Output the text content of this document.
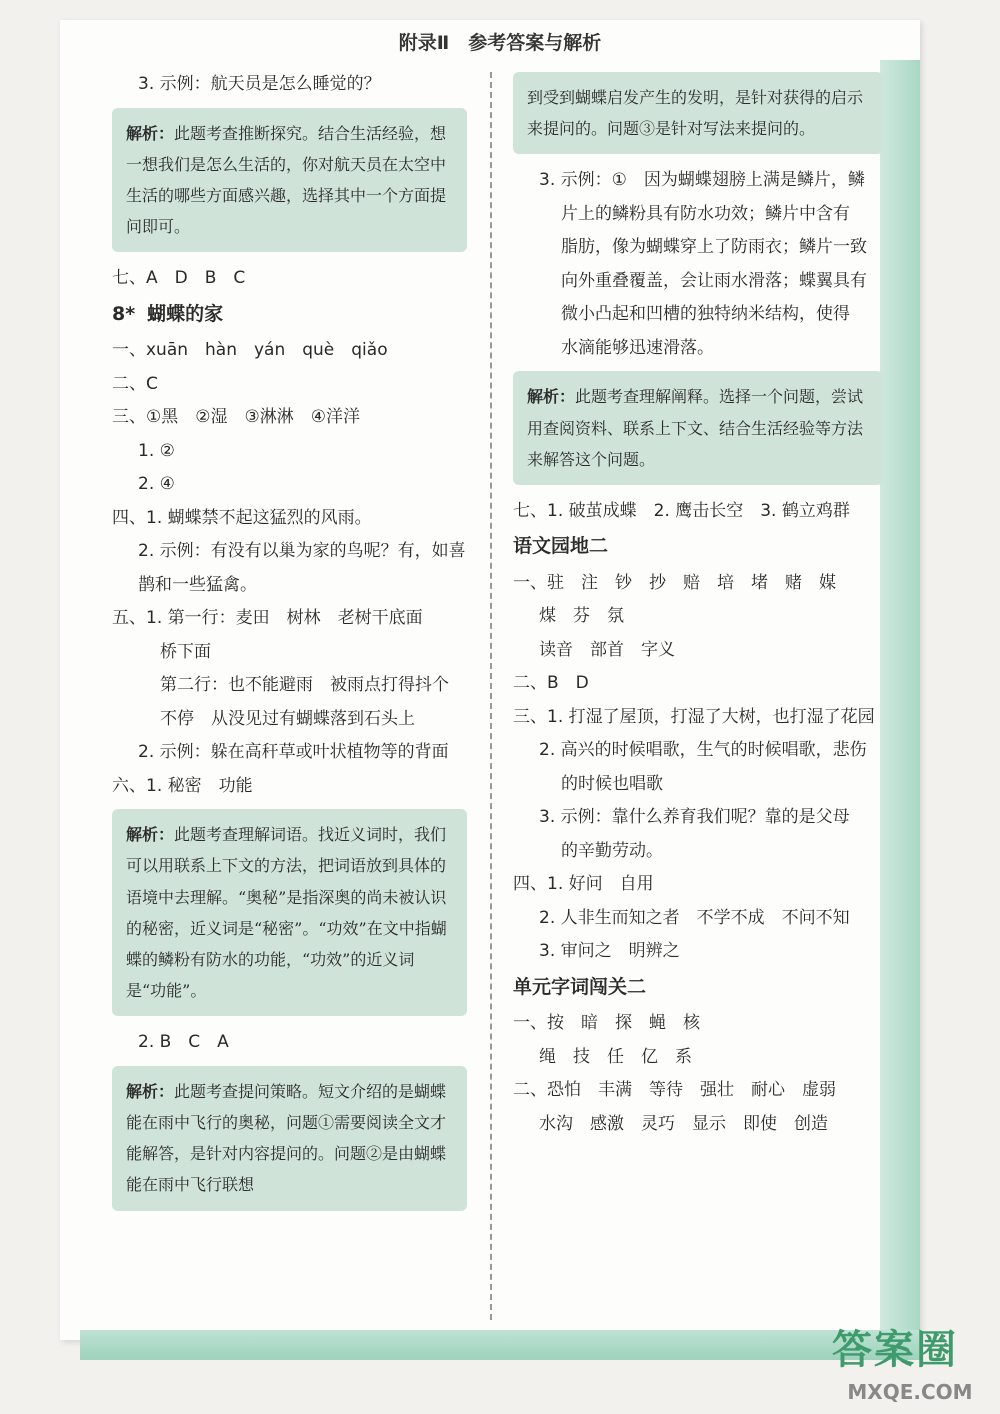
附录Ⅱ　参考答案与解析
3. 示例：航天员是怎么睡觉的？
解析：此题考查推断探究。结合生活经验，想一想我们是怎么生活的，你对航天员在太空中生活的哪些方面感兴趣，选择其中一个方面提问即可。
七、A　D　B　C
8* 蝴蝶的家
一、xuān　hàn　yán　què　qiǎo
二、C
三、①黑　②湿　③淋淋　④洋洋
1. ②
2. ④
四、1. 蝴蝶禁不起这猛烈的风雨。
2. 示例：有没有以巢为家的鸟呢？有，如喜
鹊和一些猛禽。
五、1. 第一行：麦田　树林　老树干底面
桥下面
第二行：也不能避雨　被雨点打得抖个
不停　从没见过有蝴蝶落到石头上
2. 示例：躲在高秆草或叶状植物等的背面
六、1. 秘密　功能
解析：此题考查理解词语。找近义词时，我们可以用联系上下文的方法，把词语放到具体的语境中去理解。“奥秘”是指深奥的尚未被认识的秘密，近义词是“秘密”。“功效”在文中指蝴蝶的鳞粉有防水的功能，“功效”的近义词是“功能”。
2. B　C　A
解析：此题考查提问策略。短文介绍的是蝴蝶能在雨中飞行的奥秘，问题①需要阅读全文才能解答，是针对内容提问的。问题②是由蝴蝶能在雨中飞行联想
到受到蝴蝶启发产生的发明，是针对获得的启示来提问的。问题③是针对写法来提问的。
3. 示例：①　因为蝴蝶翅膀上满是鳞片，鳞
片上的鳞粉具有防水功效；鳞片中含有
脂肪，像为蝴蝶穿上了防雨衣；鳞片一致
向外重叠覆盖，会让雨水滑落；蝶翼具有
微小凸起和凹槽的独特纳米结构，使得
水滴能够迅速滑落。
解析：此题考查理解阐释。选择一个问题，尝试用查阅资料、联系上下文、结合生活经验等方法来解答这个问题。
七、1. 破茧成蝶　2. 鹰击长空　3. 鹤立鸡群
语文园地二
一、驻　注　钞　抄　赔　培　堵　赌　媒
煤　芬　氛
读音　部首　字义
二、B　D
三、1. 打湿了屋顶，打湿了大树，也打湿了花园
2. 高兴的时候唱歌，生气的时候唱歌，悲伤
的时候也唱歌
3. 示例：靠什么养育我们呢？靠的是父母
的辛勤劳动。
四、1. 好问　自用
2. 人非生而知之者　不学不成　不问不知
3. 审问之　明辨之
单元字词闯关二
一、按　暗　探　蝇　核
绳　技　任　亿　系
二、恐怕　丰满　等待　强壮　耐心　虚弱
水沟　感激　灵巧　显示　即使　创造
答案圈
MXQE.COM
